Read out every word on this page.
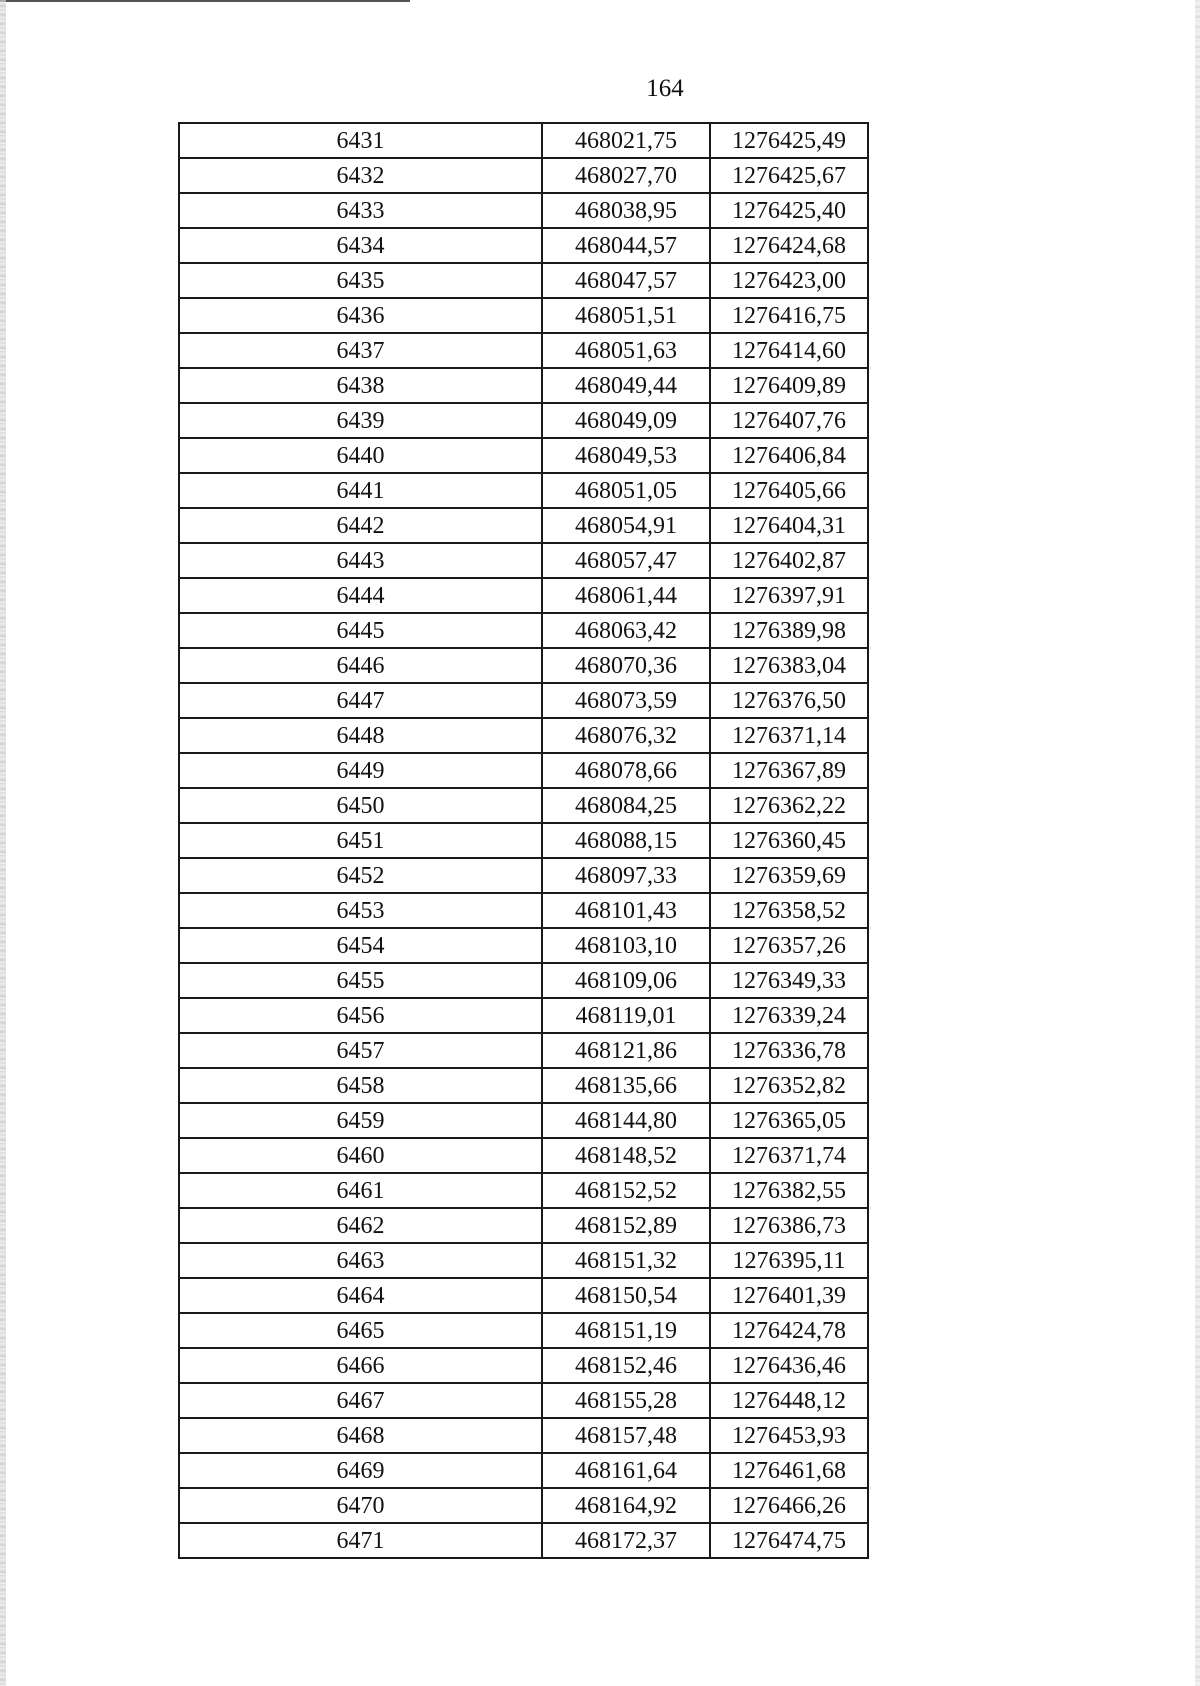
164
6431	468021,75	1276425,49
6432	468027,70	1276425,67
6433	468038,95	1276425,40
6434	468044,57	1276424,68
6435	468047,57	1276423,00
6436	468051,51	1276416,75
6437	468051,63	1276414,60
6438	468049,44	1276409,89
6439	468049,09	1276407,76
6440	468049,53	1276406,84
6441	468051,05	1276405,66
6442	468054,91	1276404,31
6443	468057,47	1276402,87
6444	468061,44	1276397,91
6445	468063,42	1276389,98
6446	468070,36	1276383,04
6447	468073,59	1276376,50
6448	468076,32	1276371,14
6449	468078,66	1276367,89
6450	468084,25	1276362,22
6451	468088,15	1276360,45
6452	468097,33	1276359,69
6453	468101,43	1276358,52
6454	468103,10	1276357,26
6455	468109,06	1276349,33
6456	468119,01	1276339,24
6457	468121,86	1276336,78
6458	468135,66	1276352,82
6459	468144,80	1276365,05
6460	468148,52	1276371,74
6461	468152,52	1276382,55
6462	468152,89	1276386,73
6463	468151,32	1276395,11
6464	468150,54	1276401,39
6465	468151,19	1276424,78
6466	468152,46	1276436,46
6467	468155,28	1276448,12
6468	468157,48	1276453,93
6469	468161,64	1276461,68
6470	468164,92	1276466,26
6471	468172,37	1276474,75
